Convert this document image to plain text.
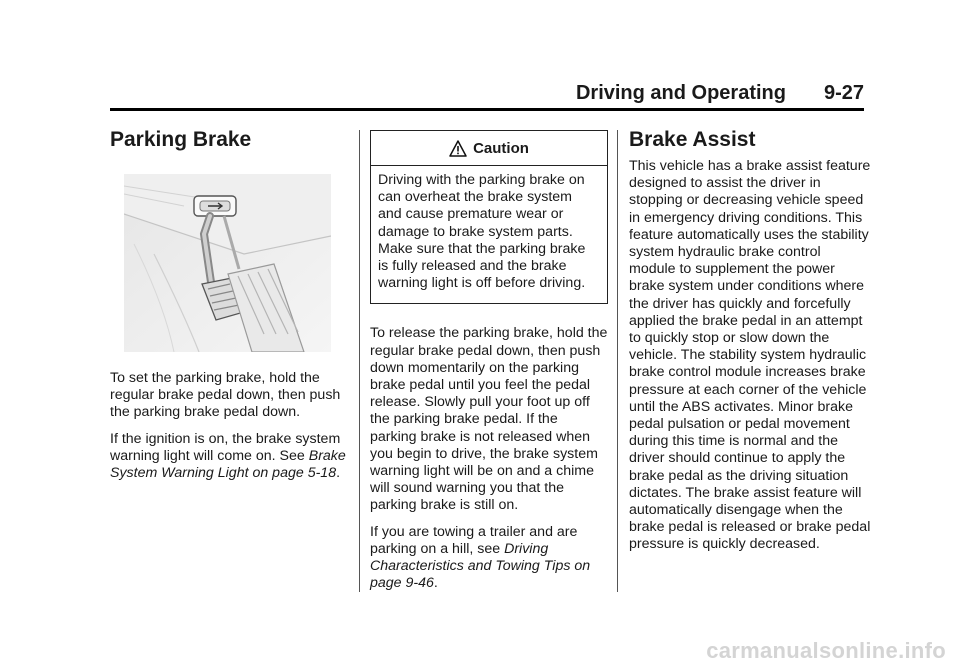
Driving and Operating 9-27
Parking Brake

To set the parking brake, hold the regular brake pedal down, then push the parking brake pedal down.

If the ignition is on, the brake system warning light will come on. See Brake System Warning Light on page 5-18.

Caution

Driving with the parking brake on can overheat the brake system and cause premature wear or damage to brake system parts. Make sure that the parking brake is fully released and the brake warning light is off before driving.

To release the parking brake, hold the regular brake pedal down, then push down momentarily on the parking brake pedal until you feel the pedal release. Slowly pull your foot up off the parking brake pedal. If the parking brake is not released when you begin to drive, the brake system warning light will be on and a chime will sound warning you that the parking brake is still on.

If you are towing a trailer and are parking on a hill, see Driving Characteristics and Towing Tips on page 9-46.

Brake Assist

This vehicle has a brake assist feature designed to assist the driver in stopping or decreasing vehicle speed in emergency driving conditions. This feature automatically uses the stability system hydraulic brake control module to supplement the power brake system under conditions where the driver has quickly and forcefully applied the brake pedal in an attempt to quickly stop or slow down the vehicle. The stability system hydraulic brake control module increases brake pressure at each corner of the vehicle until the ABS activates. Minor brake pedal pulsation or pedal movement during this time is normal and the driver should continue to apply the brake pedal as the driving situation dictates. The brake assist feature will automatically disengage when the brake pedal is released or brake pedal pressure is quickly decreased.

carmanualsonline.info
